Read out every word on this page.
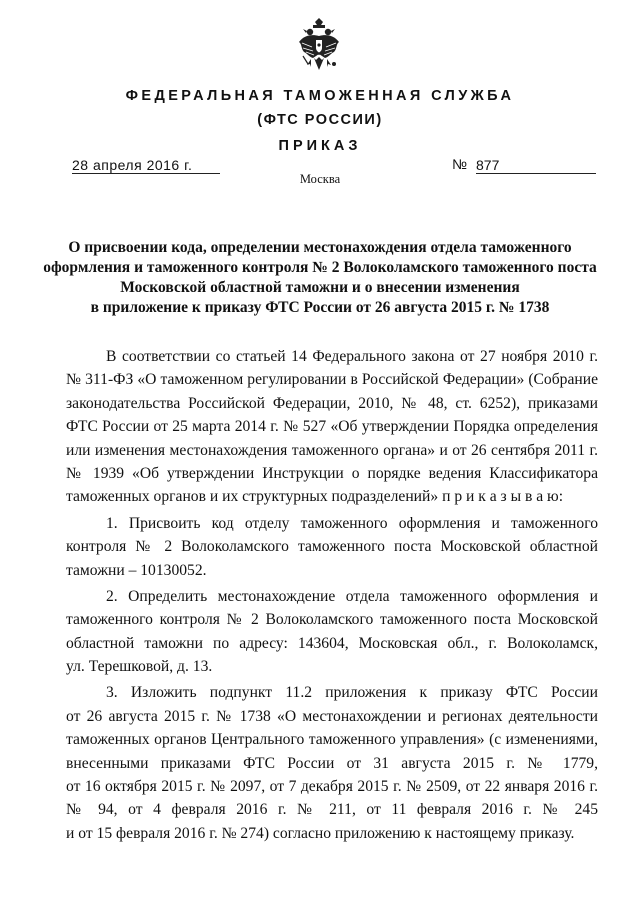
ФЕДЕРАЛЬНАЯ ТАМОЖЕННАЯ СЛУЖБА
(ФТС РОССИИ)
ПРИКАЗ
28 апреля 2016 г.	№ 877
Москва
О присвоении кода, определении местонахождения отдела таможенного
оформления и таможенного контроля № 2 Волоколамского таможенного поста
Московской областной таможни и о внесении изменения
в приложение к приказу ФТС России от 26 августа 2015 г. № 1738
В соответствии со статьей 14 Федерального закона от 27 ноября 2010 г.
№ 311-ФЗ «О таможенном регулировании в Российской Федерации» (Собрание
законодательства Российской Федерации, 2010, № 48, ст. 6252), приказами
ФТС России от 25 марта 2014 г. № 527 «Об утверждении Порядка определения
или изменения местонахождения таможенного органа» и от 26 сентября 2011 г.
№ 1939 «Об утверждении Инструкции о порядке ведения Классификатора
таможенных органов и их структурных подразделений» п р и к а з ы в а ю:
1. Присвоить код отделу таможенного оформления и таможенного
контроля № 2 Волоколамского таможенного поста Московской областной
таможни – 10130052.
2. Определить местонахождение отдела таможенного оформления и
таможенного контроля № 2 Волоколамского таможенного поста Московской
областной таможни по адресу: 143604, Московская обл., г. Волоколамск,
ул. Терешковой, д. 13.
3. Изложить подпункт 11.2 приложения к приказу ФТС России
от 26 августа 2015 г. № 1738 «О местонахождении и регионах деятельности
таможенных органов Центрального таможенного управления» (с изменениями,
внесенными приказами ФТС России от 31 августа 2015 г. № 1779,
от 16 октября 2015 г. № 2097, от 7 декабря 2015 г. № 2509, от 22 января 2016 г.
№ 94, от 4 февраля 2016 г. № 211, от 11 февраля 2016 г. № 245
и от 15 февраля 2016 г. № 274) согласно приложению к настоящему приказу.
